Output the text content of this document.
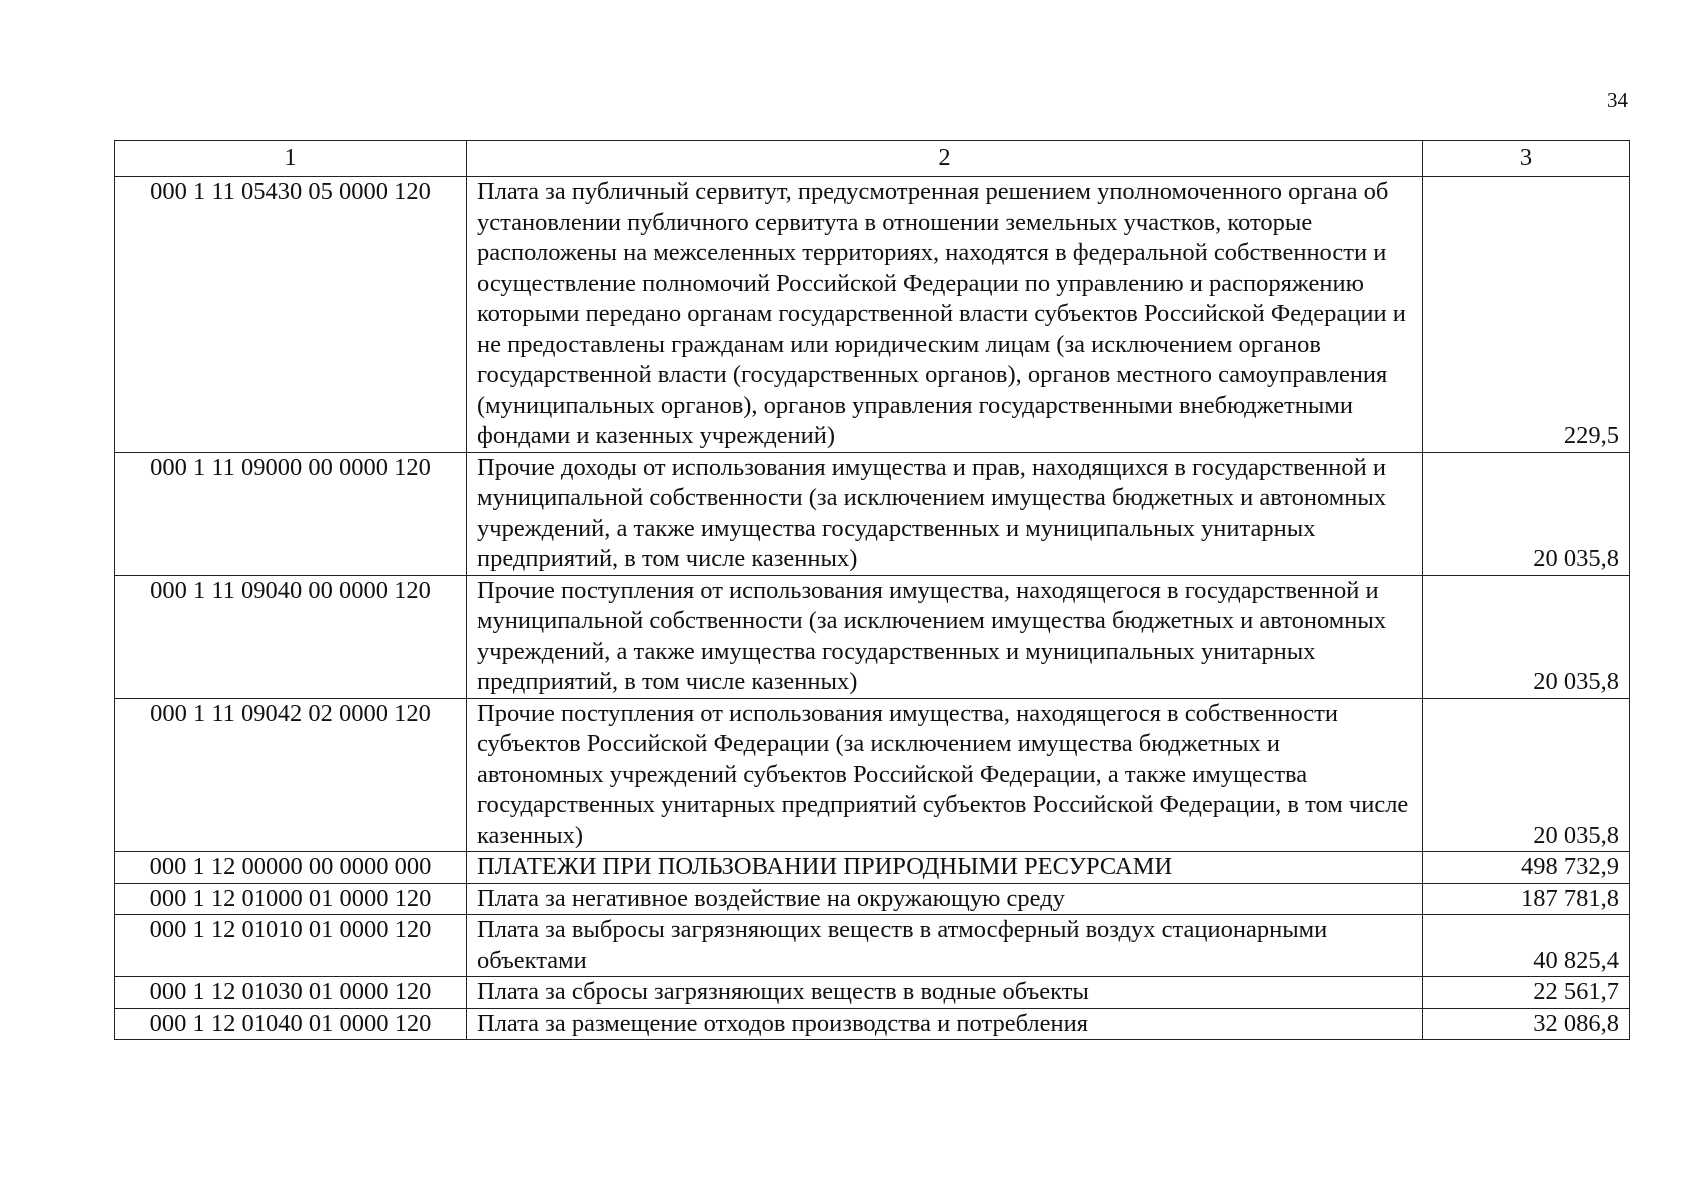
34
1	2	3
000 1 11 05430 05 0000 120	Плата за публичный сервитут, предусмотренная решением уполномоченного органа об установлении публичного сервитута в отношении земельных участков, которые расположены на межселенных территориях, находятся в федеральной собственности и осуществление полномочий Российской Федерации по управлению и распоряжению которыми передано органам государственной власти субъектов Российской Федерации и не предоставлены гражданам или юридическим лицам (за исключением органов государственной власти (государственных органов), органов местного самоуправления (муниципальных органов), органов управления государственными внебюджетными фондами и казенных учреждений)	229,5
000 1 11 09000 00 0000 120	Прочие доходы от использования имущества и прав, находящихся в государственной и муниципальной собственности (за исключением имущества бюджетных и автономных учреждений, а также имущества государственных и муниципальных унитарных предприятий, в том числе казенных)	20 035,8
000 1 11 09040 00 0000 120	Прочие поступления от использования имущества, находящегося в государственной и муниципальной собственности (за исключением имущества бюджетных и автономных учреждений, а также имущества государственных и муниципальных унитарных предприятий, в том числе казенных)	20 035,8
000 1 11 09042 02 0000 120	Прочие поступления от использования имущества, находящегося в собственности субъектов Российской Федерации (за исключением имущества бюджетных и автономных учреждений субъектов Российской Федерации, а также имущества государственных унитарных предприятий субъектов Российской Федерации, в том числе казенных)	20 035,8
000 1 12 00000 00 0000 000	ПЛАТЕЖИ ПРИ ПОЛЬЗОВАНИИ ПРИРОДНЫМИ РЕСУРСАМИ	498 732,9
000 1 12 01000 01 0000 120	Плата за негативное воздействие на окружающую среду	187 781,8
000 1 12 01010 01 0000 120	Плата за выбросы загрязняющих веществ в атмосферный воздух стационарными объектами	40 825,4
000 1 12 01030 01 0000 120	Плата за сбросы загрязняющих веществ в водные объекты	22 561,7
000 1 12 01040 01 0000 120	Плата за размещение отходов производства и потребления	32 086,8
